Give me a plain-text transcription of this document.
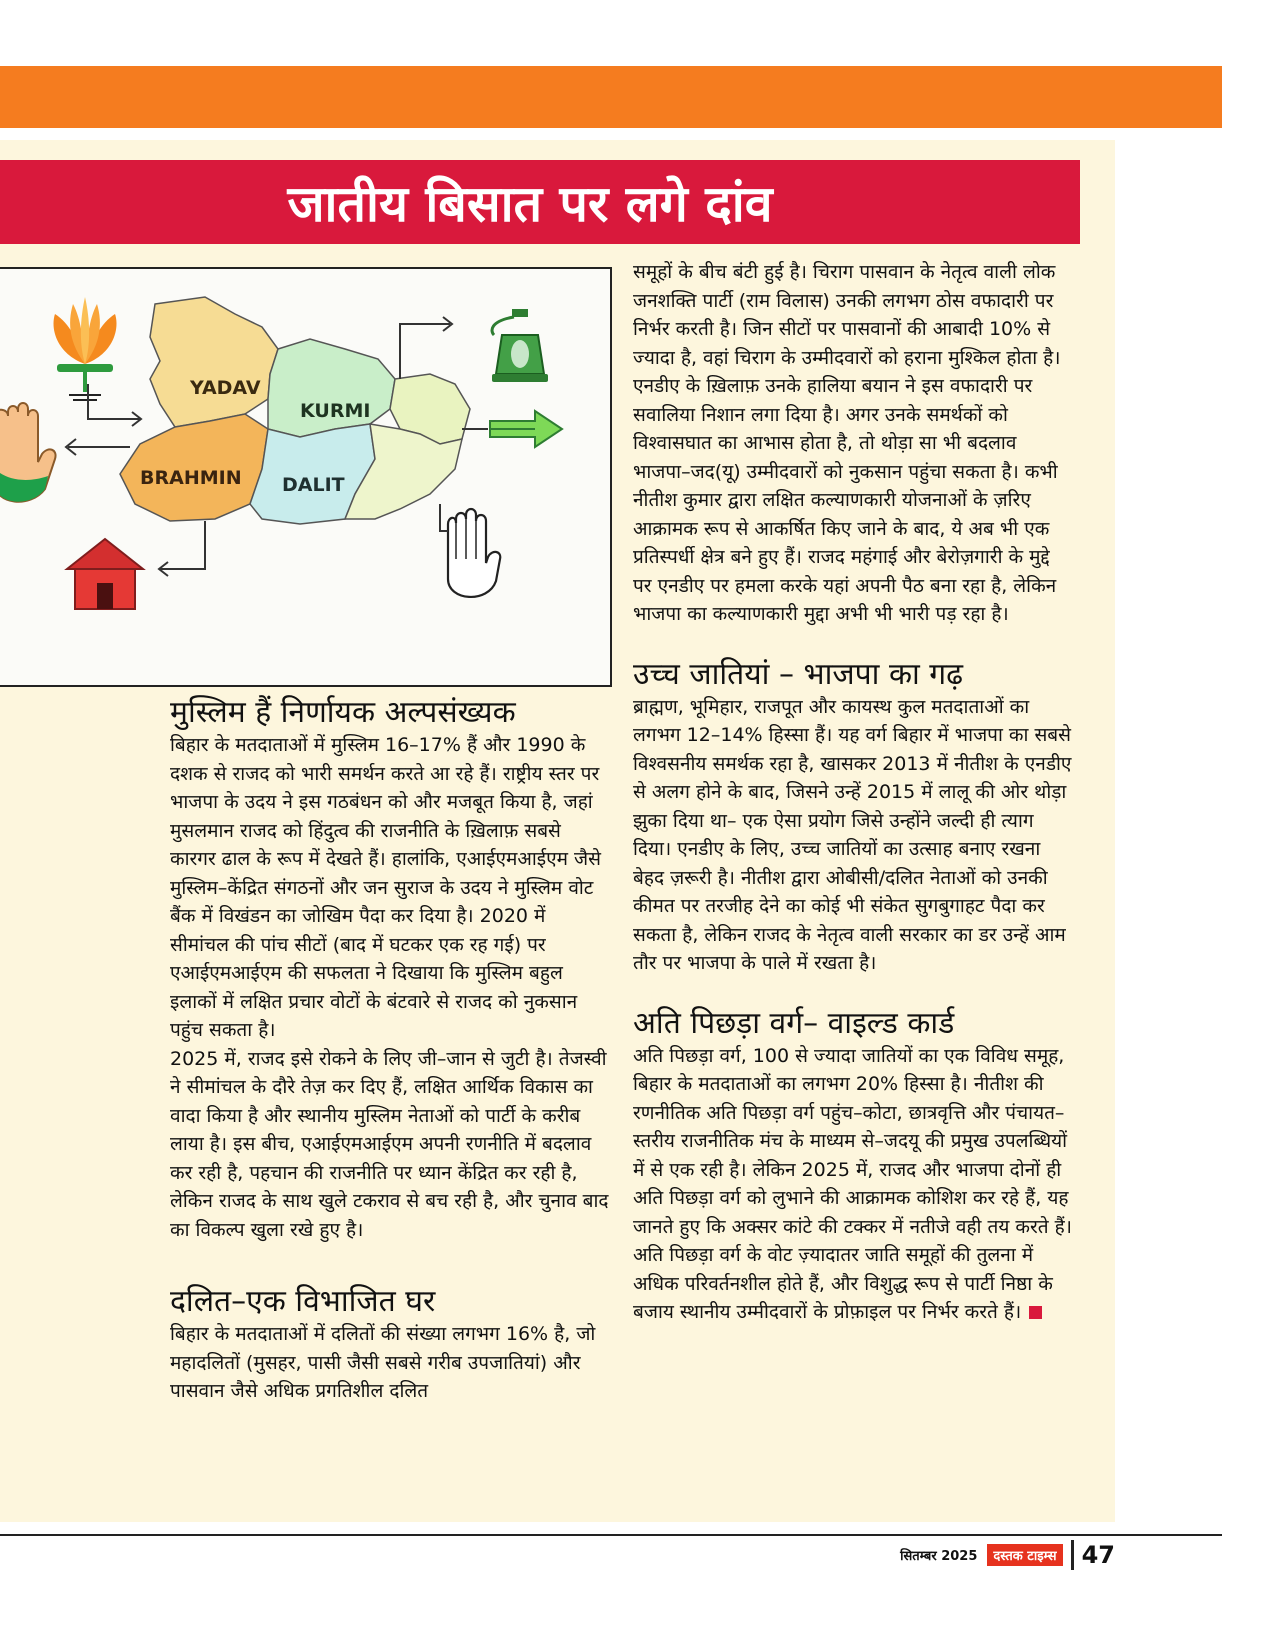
जातीय बिसात पर लगे दांव
YADAV
KURMI
BRAHMIN DALIT
मुस्लिम हैं निर्णायक अल्पसंख्यक

बिहार के मतदाताओं में मुस्लिम 16–17% हैं और 1990 के दशक से राजद को भारी समर्थन करते आ रहे हैं। राष्ट्रीय स्तर पर भाजपा के उदय ने इस गठबंधन को और मजबूत किया है, जहां मुसलमान राजद को हिंदुत्व की राजनीति के ख़िलाफ़ सबसे कारगर ढाल के रूप में देखते हैं। हालांकि, एआईएमआईएम जैसे मुस्लिम–केंद्रित संगठनों और जन सुराज के उदय ने मुस्लिम वोट बैंक में विखंडन का जोखिम पैदा कर दिया है। 2020 में सीमांचल की पांच सीटों (बाद में घटकर एक रह गई) पर एआईएमआईएम की सफलता ने दिखाया कि मुस्लिम बहुल इलाकों में लक्षित प्रचार वोटों के बंटवारे से राजद को नुकसान पहुंच सकता है।

2025 में, राजद इसे रोकने के लिए जी–जान से जुटी है। तेजस्वी ने सीमांचल के दौरे तेज़ कर दिए हैं, लक्षित आर्थिक विकास का वादा किया है और स्थानीय मुस्लिम नेताओं को पार्टी के करीब लाया है। इस बीच, एआईएमआईएम अपनी रणनीति में बदलाव कर रही है, पहचान की राजनीति पर ध्यान केंद्रित कर रही है, लेकिन राजद के साथ खुले टकराव से बच रही है, और चुनाव बाद का विकल्प खुला रखे हुए है।

दलित–एक विभाजित घर

बिहार के मतदाताओं में दलितों की संख्या लगभग 16% है, जो महादलितों (मुसहर, पासी जैसी सबसे गरीब उपजातियां) और पासवान जैसे अधिक प्रगतिशील दलित

समूहों के बीच बंटी हुई है। चिराग पासवान के नेतृत्व वाली लोक जनशक्ति पार्टी (राम विलास) उनकी लगभग ठोस वफादारी पर निर्भर करती है। जिन सीटों पर पासवानों की आबादी 10% से ज्यादा है, वहां चिराग के उम्मीदवारों को हराना मुश्किल होता है। एनडीए के ख़िलाफ़ उनके हालिया बयान ने इस वफादारी पर सवालिया निशान लगा दिया है। अगर उनके समर्थकों को विश्वासघात का आभास होता है, तो थोड़ा सा भी बदलाव भाजपा–जद(यू) उम्मीदवारों को नुकसान पहुंचा सकता है। कभी नीतीश कुमार द्वारा लक्षित कल्याणकारी योजनाओं के ज़रिए आक्रामक रूप से आकर्षित किए जाने के बाद, ये अब भी एक प्रतिस्पर्धी क्षेत्र बने हुए हैं। राजद महंगाई और बेरोज़गारी के मुद्दे पर एनडीए पर हमला करके यहां अपनी पैठ बना रहा है, लेकिन भाजपा का कल्याणकारी मुद्दा अभी भी भारी पड़ रहा है।

उच्च जातियां – भाजपा का गढ़

ब्राह्मण, भूमिहार, राजपूत और कायस्थ कुल मतदाताओं का लगभग 12–14% हिस्सा हैं। यह वर्ग बिहार में भाजपा का सबसे विश्वसनीय समर्थक रहा है, खासकर 2013 में नीतीश के एनडीए से अलग होने के बाद, जिसने उन्हें 2015 में लालू की ओर थोड़ा झुका दिया था– एक ऐसा प्रयोग जिसे उन्होंने जल्दी ही त्याग दिया। एनडीए के लिए, उच्च जातियों का उत्साह बनाए रखना बेहद ज़रूरी है। नीतीश द्वारा ओबीसी/दलित नेताओं को उनकी कीमत पर तरजीह देने का कोई भी संकेत सुगबुगाहट पैदा कर सकता है, लेकिन राजद के नेतृत्व वाली सरकार का डर उन्हें आम तौर पर भाजपा के पाले में रखता है।

अति पिछड़ा वर्ग– वाइल्ड कार्ड

अति पिछड़ा वर्ग, 100 से ज्यादा जातियों का एक विविध समूह, बिहार के मतदाताओं का लगभग 20% हिस्सा है। नीतीश की रणनीतिक अति पिछड़ा वर्ग पहुंच–कोटा, छात्रवृत्ति और पंचायत–स्तरीय राजनीतिक मंच के माध्यम से–जदयू की प्रमुख उपलब्धियों में से एक रही है। लेकिन 2025 में, राजद और भाजपा दोनों ही अति पिछड़ा वर्ग को लुभाने की आक्रामक कोशिश कर रहे हैं, यह जानते हुए कि अक्सर कांटे की टक्कर में नतीजे वही तय करते हैं। अति पिछड़ा वर्ग के वोट ज़्यादातर जाति समूहों की तुलना में अधिक परिवर्तनशील होते हैं, और विशुद्ध रूप से पार्टी निष्ठा के बजाय स्थानीय उम्मीदवारों के प्रोफ़ाइल पर निर्भर करते हैं।

सितम्बर 2025	दस्तक टाइम्स 47
